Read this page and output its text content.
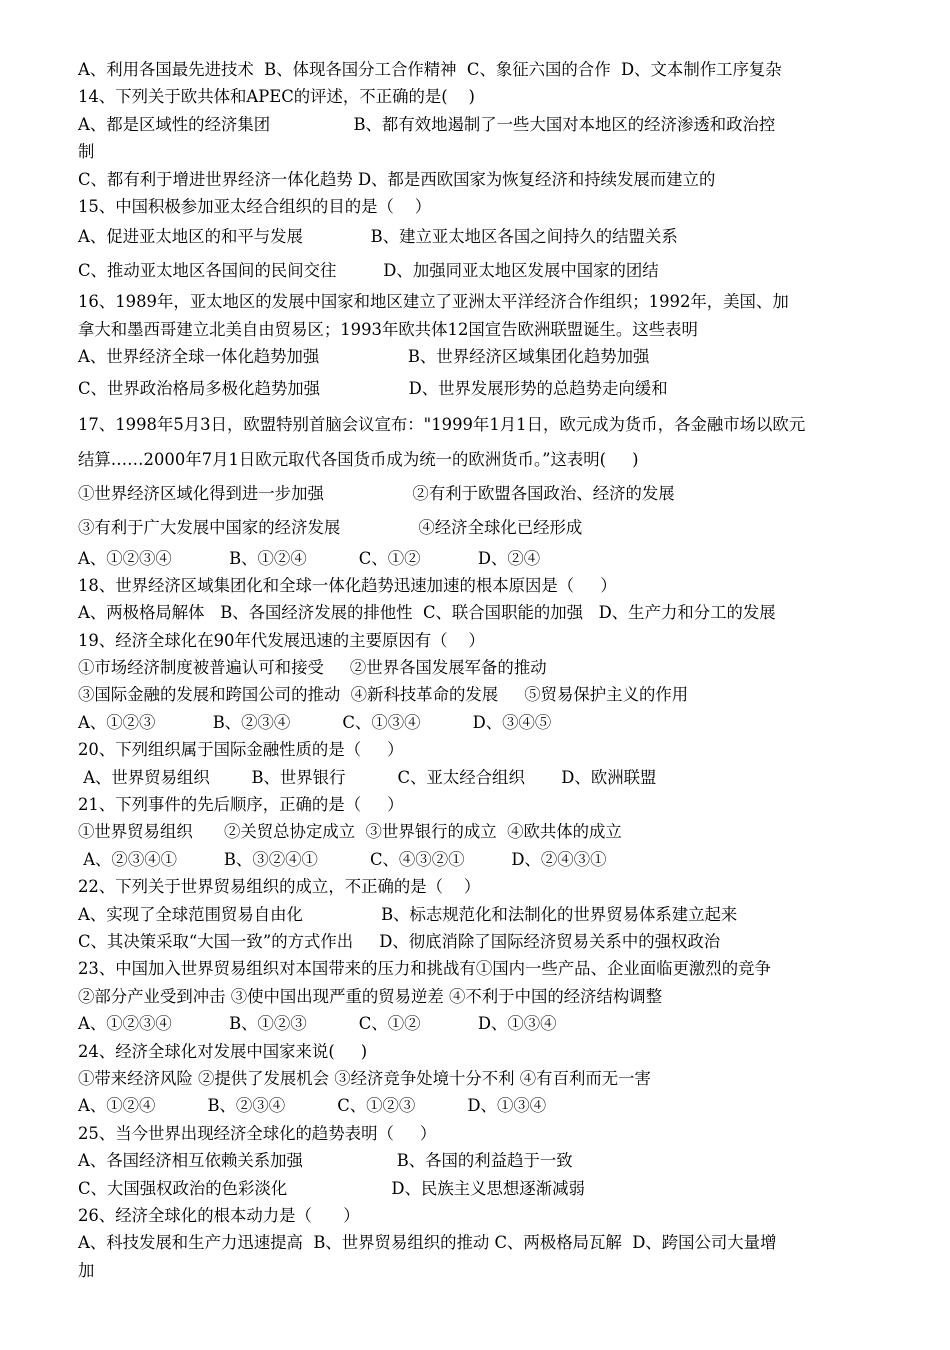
A、利用各国最先进技术  B、体现各国分工合作精神  C、象征六国的合作  D、文本制作工序复杂
14、下列关于欧共体和APEC的评述，不正确的是(    )
A、都是区域性的经济集团                B、都有效地遏制了一些大国对本地区的经济渗透和政治控
制
C、都有利于增进世界经济一体化趋势 D、都是西欧国家为恢复经济和持续发展而建立的
15、中国积极参加亚太经合组织的目的是（    ）
A、促进亚太地区的和平与发展             B、建立亚太地区各国之间持久的结盟关系
C、推动亚太地区各国间的民间交往         D、加强同亚太地区发展中国家的团结
16、1989年，亚太地区的发展中国家和地区建立了亚洲太平洋经济合作组织；1992年，美国、加
拿大和墨西哥建立北美自由贸易区；1993年欧共体12国宣告欧洲联盟诞生。这些表明
A、世界经济全球一体化趋势加强                 B、世界经济区域集团化趋势加强
C、世界政治格局多极化趋势加强                 D、世界发展形势的总趋势走向缓和
17、1998年5月3日，欧盟特别首脑会议宣布："1999年1月1日，欧元成为货币，各金融市场以欧元
结算……2000年7月1日欧元取代各国货币成为统一的欧洲货币。”这表明(     )
①世界经济区域化得到进一步加强                 ②有利于欧盟各国政治、经济的发展
③有利于广大发展中国家的经济发展               ④经济全球化已经形成
A、①②③④           B、①②④          C、①②           D、②④
18、世界经济区域集团化和全球一体化趋势迅速加速的根本原因是（     ）
A、两极格局解体   B、各国经济发展的排他性  C、联合国职能的加强   D、生产力和分工的发展
19、经济全球化在90年代发展迅速的主要原因有（    ）
①市场经济制度被普遍认可和接受     ②世界各国发展军备的推动
③国际金融的发展和跨国公司的推动  ④新科技革命的发展     ⑤贸易保护主义的作用
A、①②③           B、②③④          C、①③④          D、③④⑤
20、下列组织属于国际金融性质的是（     ）
A、世界贸易组织        B、世界银行          C、亚太经合组织       D、欧洲联盟
21、下列事件的先后顺序，正确的是（     ）
①世界贸易组织      ②关贸总协定成立  ③世界银行的成立  ④欧共体的成立
A、②③④①         B、③②④①          C、④③②①         D、②④③①
22、下列关于世界贸易组织的成立，不正确的是（    ）
A、实现了全球范围贸易自由化               B、标志规范化和法制化的世界贸易体系建立起来
C、其决策采取“大国一致”的方式作出     D、彻底消除了国际经济贸易关系中的强权政治
23、中国加入世界贸易组织对本国带来的压力和挑战有①国内一些产品、企业面临更激烈的竞争
②部分产业受到冲击 ③使中国出现严重的贸易逆差 ④不利于中国的经济结构调整
A、①②③④           B、①②③          C、①②           D、①③④
24、经济全球化对发展中国家来说(     )
①带来经济风险 ②提供了发展机会 ③经济竞争处境十分不利 ④有百利而无一害
A、①②④          B、②③④          C、①②③          D、①③④
25、当今世界出现经济全球化的趋势表明（     ）
A、各国经济相互依赖关系加强                  B、各国的利益趋于一致
C、大国强权政治的色彩淡化                    D、民族主义思想逐渐减弱
26、经济全球化的根本动力是（      ）
A、科技发展和生产力迅速提高  B、世界贸易组织的推动 C、两极格局瓦解  D、跨国公司大量增
加
